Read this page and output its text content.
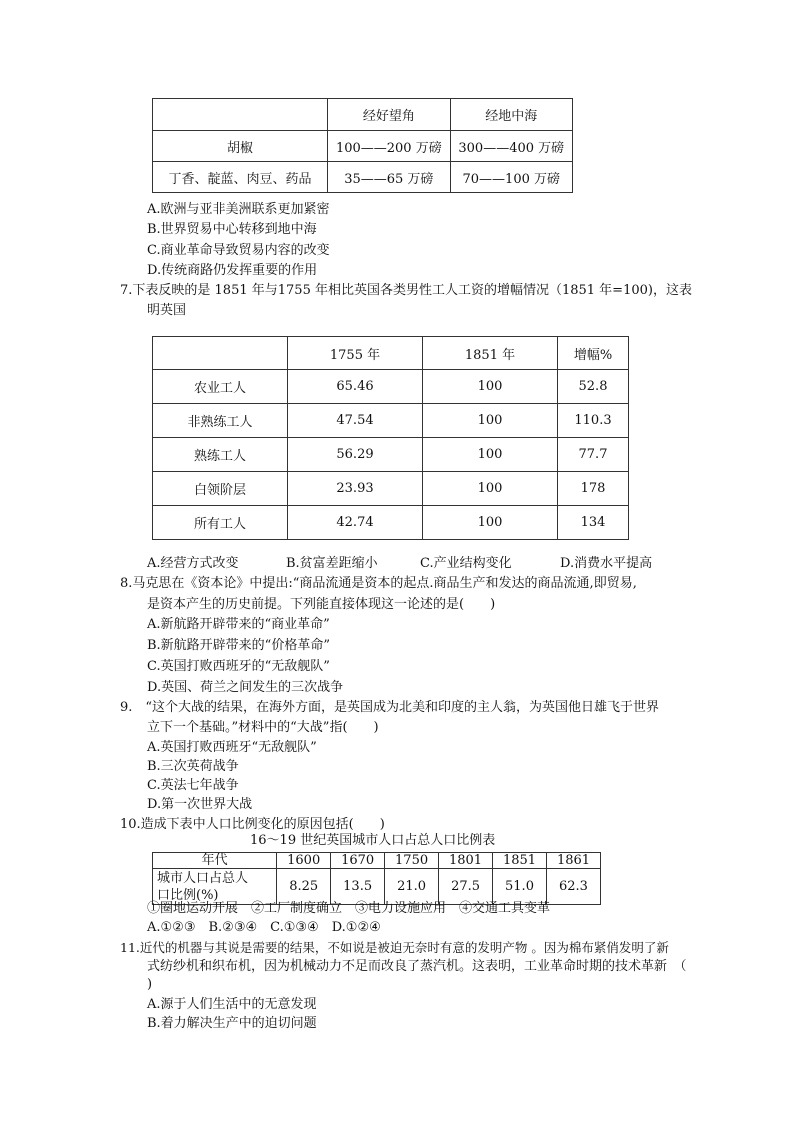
	经好望角	经地中海
胡椒	100——200 万磅	300——400 万磅
丁香、靛蓝、肉豆、药品	35——65 万磅	70——100 万磅
A.欧洲与亚非美洲联系更加紧密
B.世界贸易中心转移到地中海
C.商业革命导致贸易内容的改变
D.传统商路仍发挥重要的作用
7.下表反映的是 1851 年与1755 年相比英国各类男性工人工资的增幅情况（1851 年=100)，这表
明英国
	1755 年	1851 年	增幅%
农业工人	65.46	100	52.8
非熟练工人	47.54	100	110.3
熟练工人	56.29	100	77.7
白领阶层	23.93	100	178
所有工人	42.74	100	134
A.经营方式改变	B.贫富差距缩小	C.产业结构变化	D.消费水平提高
8.马克思在《资本论》中提出:“商品流通是资本的起点.商品生产和发达的商品流通,即贸易,
是资本产生的历史前提。下列能直接体现这一论述的是(　　)
A.新航路开辟带来的“商业革命”
B.新航路开辟带来的“价格革命”
C.英国打败西班牙的“无敌舰队”
D.英国、荷兰之间发生的三次战争
9.　“这个大战的结果，在海外方面，是英国成为北美和印度的主人翁，为英国他日雄飞于世界
立下一个基础。”材料中的“大战”指(　　)
A.英国打败西班牙“无敌舰队”
B.三次英荷战争
C.英法七年战争
D.第一次世界大战
10.造成下表中人口比例变化的原因包括(　　)
16～19 世纪英国城市人口占总人口比例表
年代	1600	1670	1750	1801	1851	1861

城市人口占总人
口比例(%)	8.25	13.5	21.0	27.5	51.0	62.3
①圈地运动开展　②工厂制度确立　③电力设施应用　④交通工具变革
A.①②③　B.②③④　C.①③④　D.①②④
11.近代的机器与其说是需要的结果，不如说是被迫无奈时有意的发明产物 。因为棉布紧俏发明了新
式纺纱机和织布机，因为机械动力不足而改良了蒸汽机。这表明，工业革命时期的技术革新　（
)
A.源于人们生活中的无意发现
B.着力解决生产中的迫切问题
